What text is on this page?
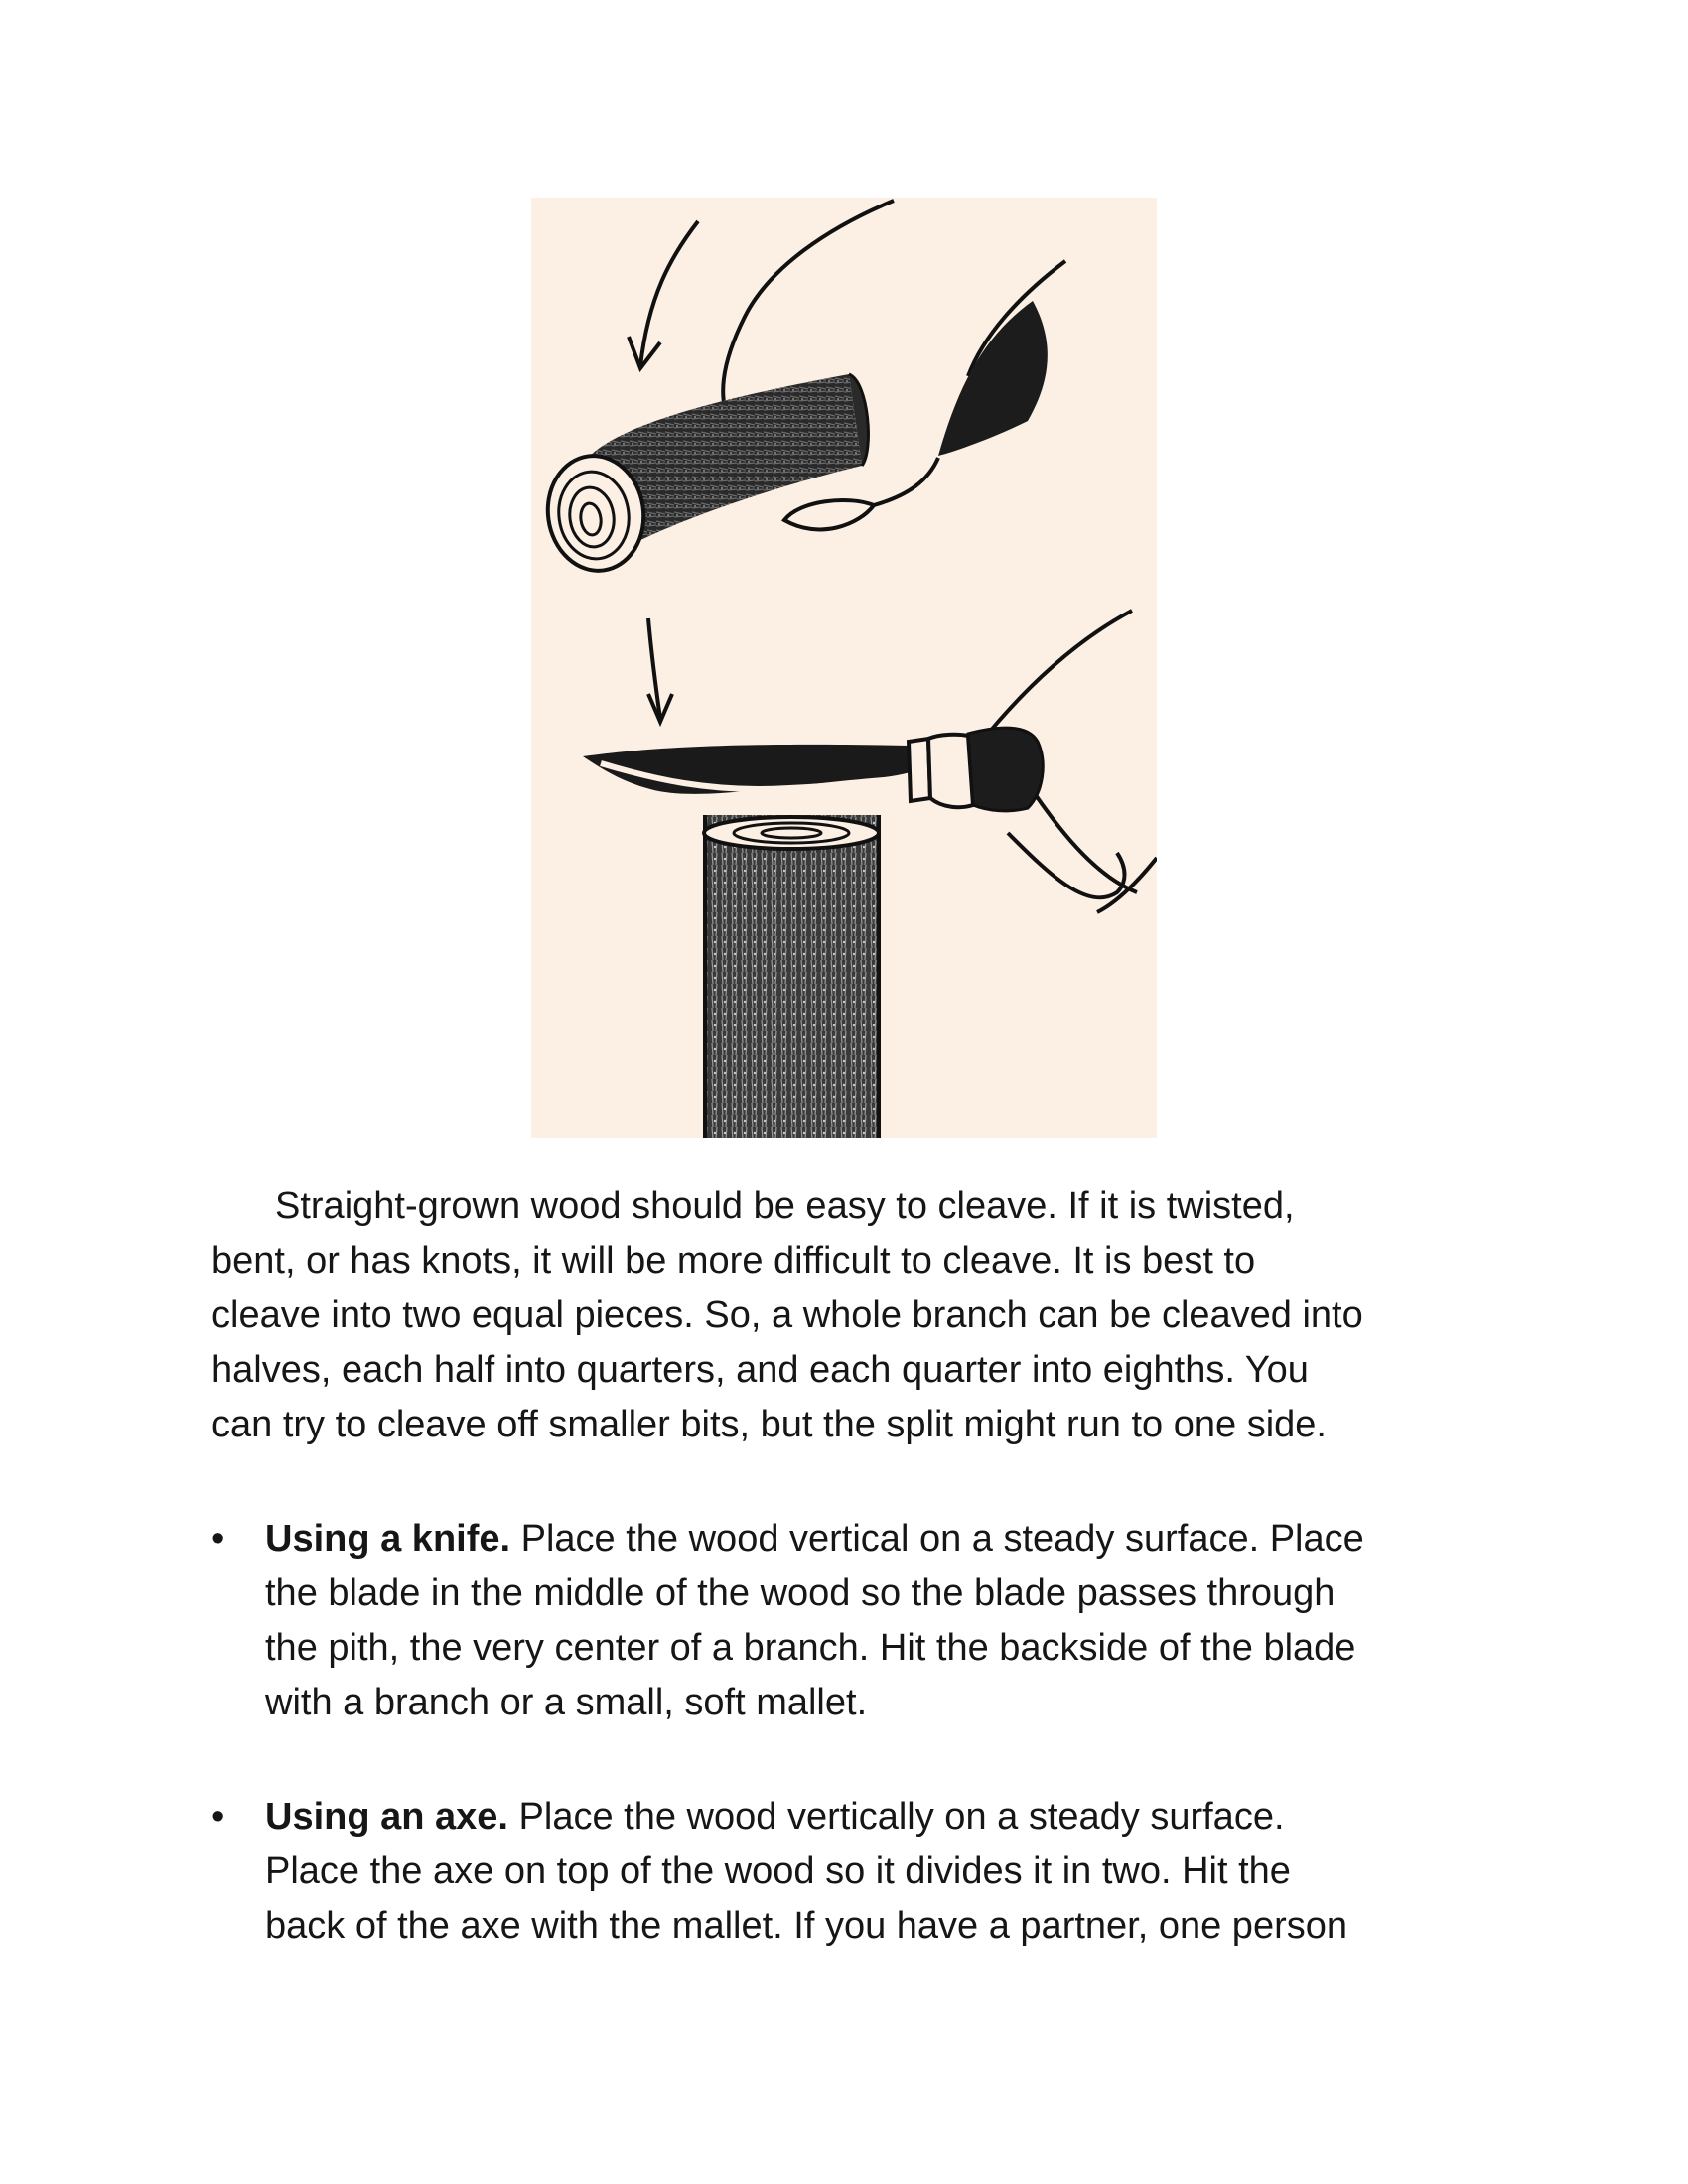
Straight-grown wood should be easy to cleave. If it is twisted,
bent, or has knots, it will be more difficult to cleave. It is best to
cleave into two equal pieces. So, a whole branch can be cleaved into
halves, each half into quarters, and each quarter into eighths. You
can try to cleave off smaller bits, but the split might run to one side.

• Using a knife. Place the wood vertical on a steady surface. Place
the blade in the middle of the wood so the blade passes through
the pith, the very center of a branch. Hit the backside of the blade
with a branch or a small, soft mallet.
• Using an axe. Place the wood vertically on a steady surface.
Place the axe on top of the wood so it divides it in two. Hit the
back of the axe with the mallet. If you have a partner, one person
